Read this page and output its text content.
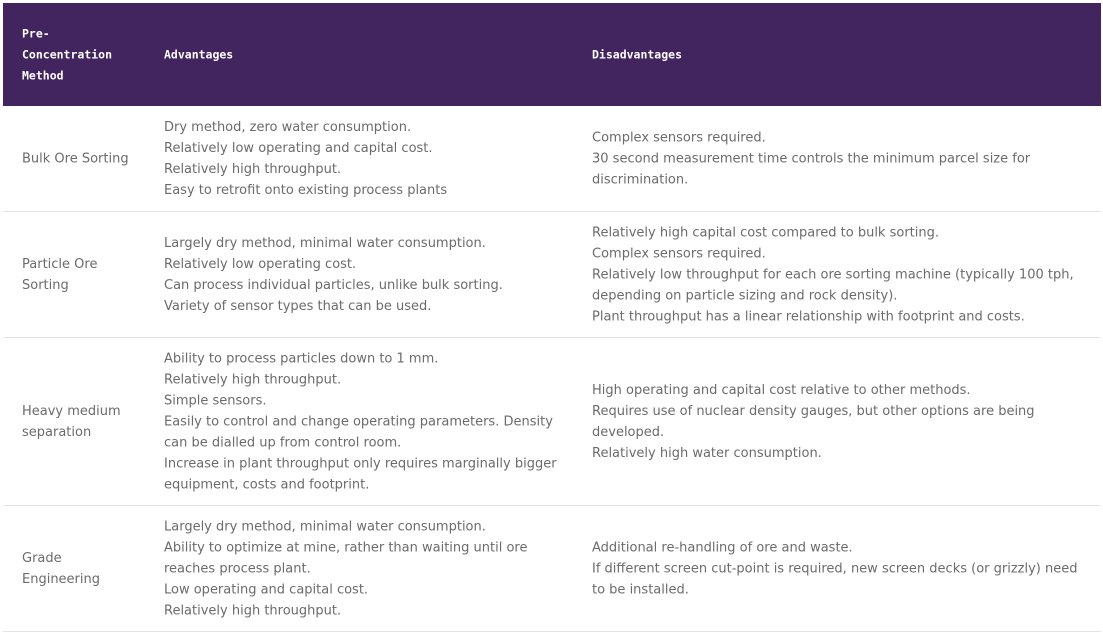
Pre-
Concentration
Method
Advantages	Disadvantages
Bulk Ore Sorting
Dry method, zero water consumption.
Relatively low operating and capital cost.
Relatively high throughput.
Easy to retrofit onto existing process plants
Complex sensors required.
30 second measurement time controls the minimum parcel size for discrimination.
Particle Ore Sorting
Largely dry method, minimal water consumption.
Relatively low operating cost.
Can process individual particles, unlike bulk sorting.
Variety of sensor types that can be used.
Relatively high capital cost compared to bulk sorting.
Complex sensors required.
Relatively low throughput for each ore sorting machine (typically 100 tph, depending on particle sizing and rock density).
Plant throughput has a linear relationship with footprint and costs.
Heavy medium separation
Ability to process particles down to 1 mm.
Relatively high throughput.
Simple sensors.
Easily to control and change operating parameters. Density can be dialled up from control room.
Increase in plant throughput only requires marginally bigger equipment, costs and footprint.
High operating and capital cost relative to other methods.
Requires use of nuclear density gauges, but other options are being developed.
Relatively high water consumption.
Grade Engineering
Largely dry method, minimal water consumption.
Ability to optimize at mine, rather than waiting until ore reaches process plant.
Low operating and capital cost.
Relatively high throughput.
Additional re-handling of ore and waste.
If different screen cut-point is required, new screen decks (or grizzly) need to be installed.
